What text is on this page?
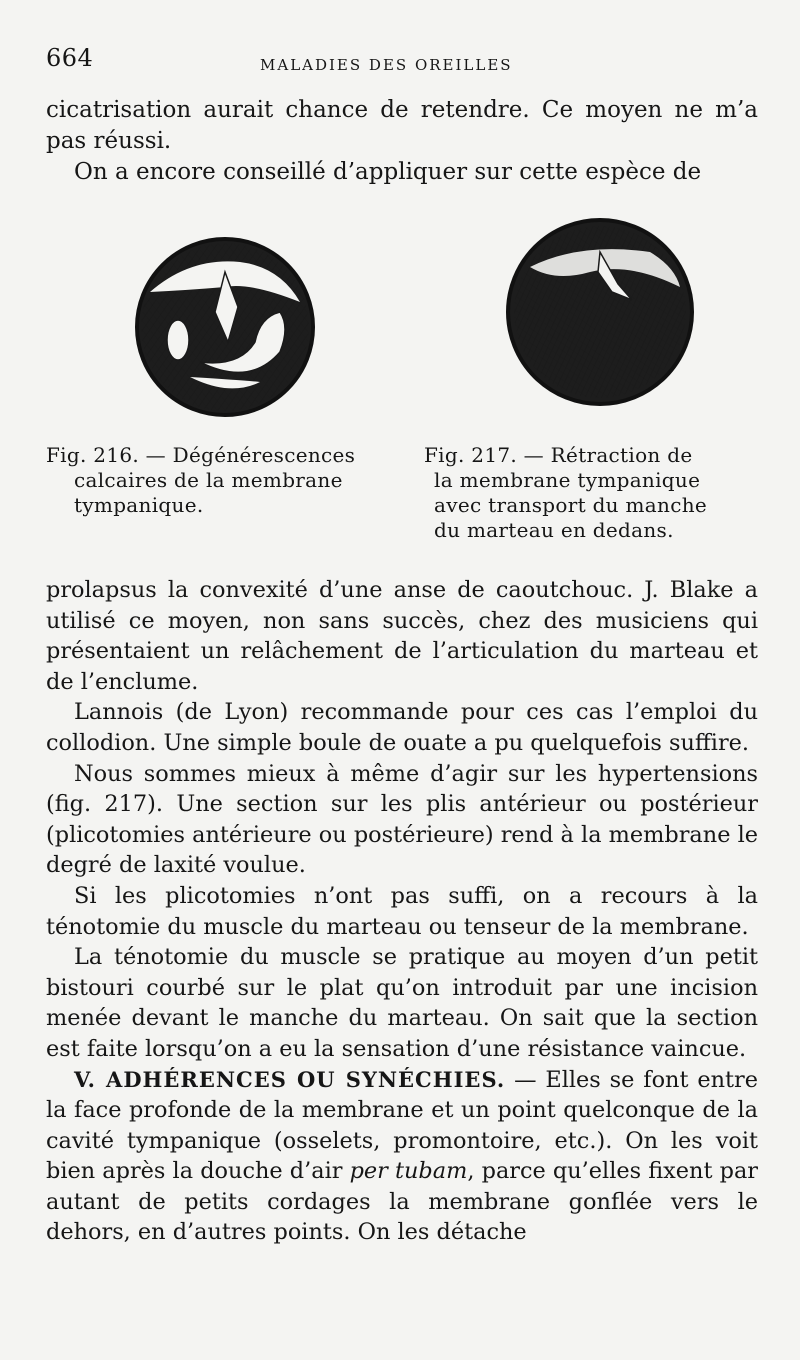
664	MALADIES DES OREILLES

cicatrisation aurait chance de retendre. Ce moyen ne m’a pas réussi.

On a encore conseillé d’appliquer sur cette espèce de

Fig. 216. — Dégénérescences
calcaires de la membrane
tympanique.
Fig. 217. — Rétraction de
la membrane tympanique
avec transport du manche
du marteau en dedans.

prolapsus la convexité d’une anse de caoutchouc. J. Blake a utilisé ce moyen, non sans succès, chez des musiciens qui présentaient un relâchement de l’articulation du marteau et de l’enclume.

Lannois (de Lyon) recommande pour ces cas l’emploi du collodion. Une simple boule de ouate a pu quelquefois suffire.

Nous sommes mieux à même d’agir sur les hypertensions (fig. 217). Une section sur les plis antérieur ou postérieur (plicotomies antérieure ou postérieure) rend à la membrane le degré de laxité voulue.

Si les plicotomies n’ont pas suffi, on a recours à la ténotomie du muscle du marteau ou tenseur de la membrane.

La ténotomie du muscle se pratique au moyen d’un petit bistouri courbé sur le plat qu’on introduit par une incision menée devant le manche du marteau. On sait que la section est faite lorsqu’on a eu la sensation d’une résistance vaincue.

V. ADHÉRENCES OU SYNÉCHIES. — Elles se font entre la face profonde de la membrane et un point quelconque de la cavité tympanique (osselets, promontoire, etc.). On les voit bien après la douche d’air per tubam, parce qu’elles fixent par autant de petits cordages la membrane gonflée vers le dehors, en d’autres points. On les détache
